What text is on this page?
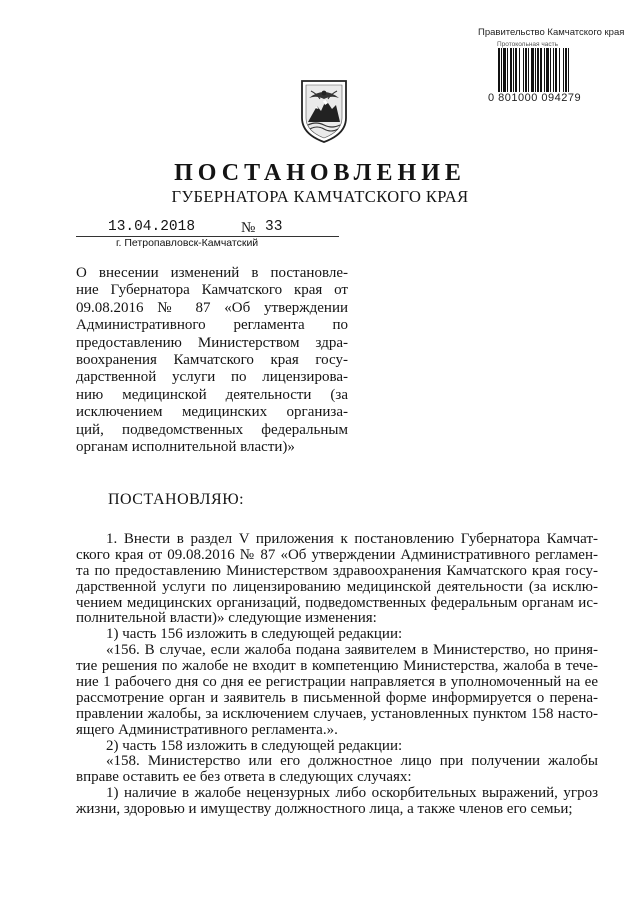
Правительство Камчатского края
Протокольная часть
0 801000 094279
ПОСТАНОВЛЕНИЕ
ГУБЕРНАТОРА КАМЧАТСКОГО КРАЯ
13.04.2018	№ 33
г. Петропавловск-Камчатский
О внесении изменений в постановле-
ние Губернатора Камчатского края от
09.08.2016 № 87 «Об утверждении
Административного регламента по
предоставлению Министерством здра-
воохранения Камчатского края госу-
дарственной услуги по лицензирова-
нию медицинской деятельности (за
исключением медицинских организа-
ций, подведомственных федеральным
органам исполнительной власти)»
ПОСТАНОВЛЯЮ:
1. Внести в раздел V приложения к постановлению Губернатора Камчат-
ского края от 09.08.2016 № 87 «Об утверждении Административного регламен-
та по предоставлению Министерством здравоохранения Камчатского края госу-
дарственной услуги по лицензированию медицинской деятельности (за исклю-
чением медицинских организаций, подведомственных федеральным органам ис-
полнительной власти)» следующие изменения:
1) часть 156 изложить в следующей редакции:
«156. В случае, если жалоба подана заявителем в Министерство, но приня-
тие решения по жалобе не входит в компетенцию Министерства, жалоба в тече-
ние 1 рабочего дня со дня ее регистрации направляется в уполномоченный на ее
рассмотрение орган и заявитель в письменной форме информируется о перена-
правлении жалобы, за исключением случаев, установленных пунктом 158 насто-
ящего Административного регламента.».
2) часть 158 изложить в следующей редакции:
«158. Министерство или его должностное лицо при получении жалобы
вправе оставить ее без ответа в следующих случаях:
1) наличие в жалобе нецензурных либо оскорбительных выражений, угроз
жизни, здоровью и имуществу должностного лица, а также членов его семьи;
